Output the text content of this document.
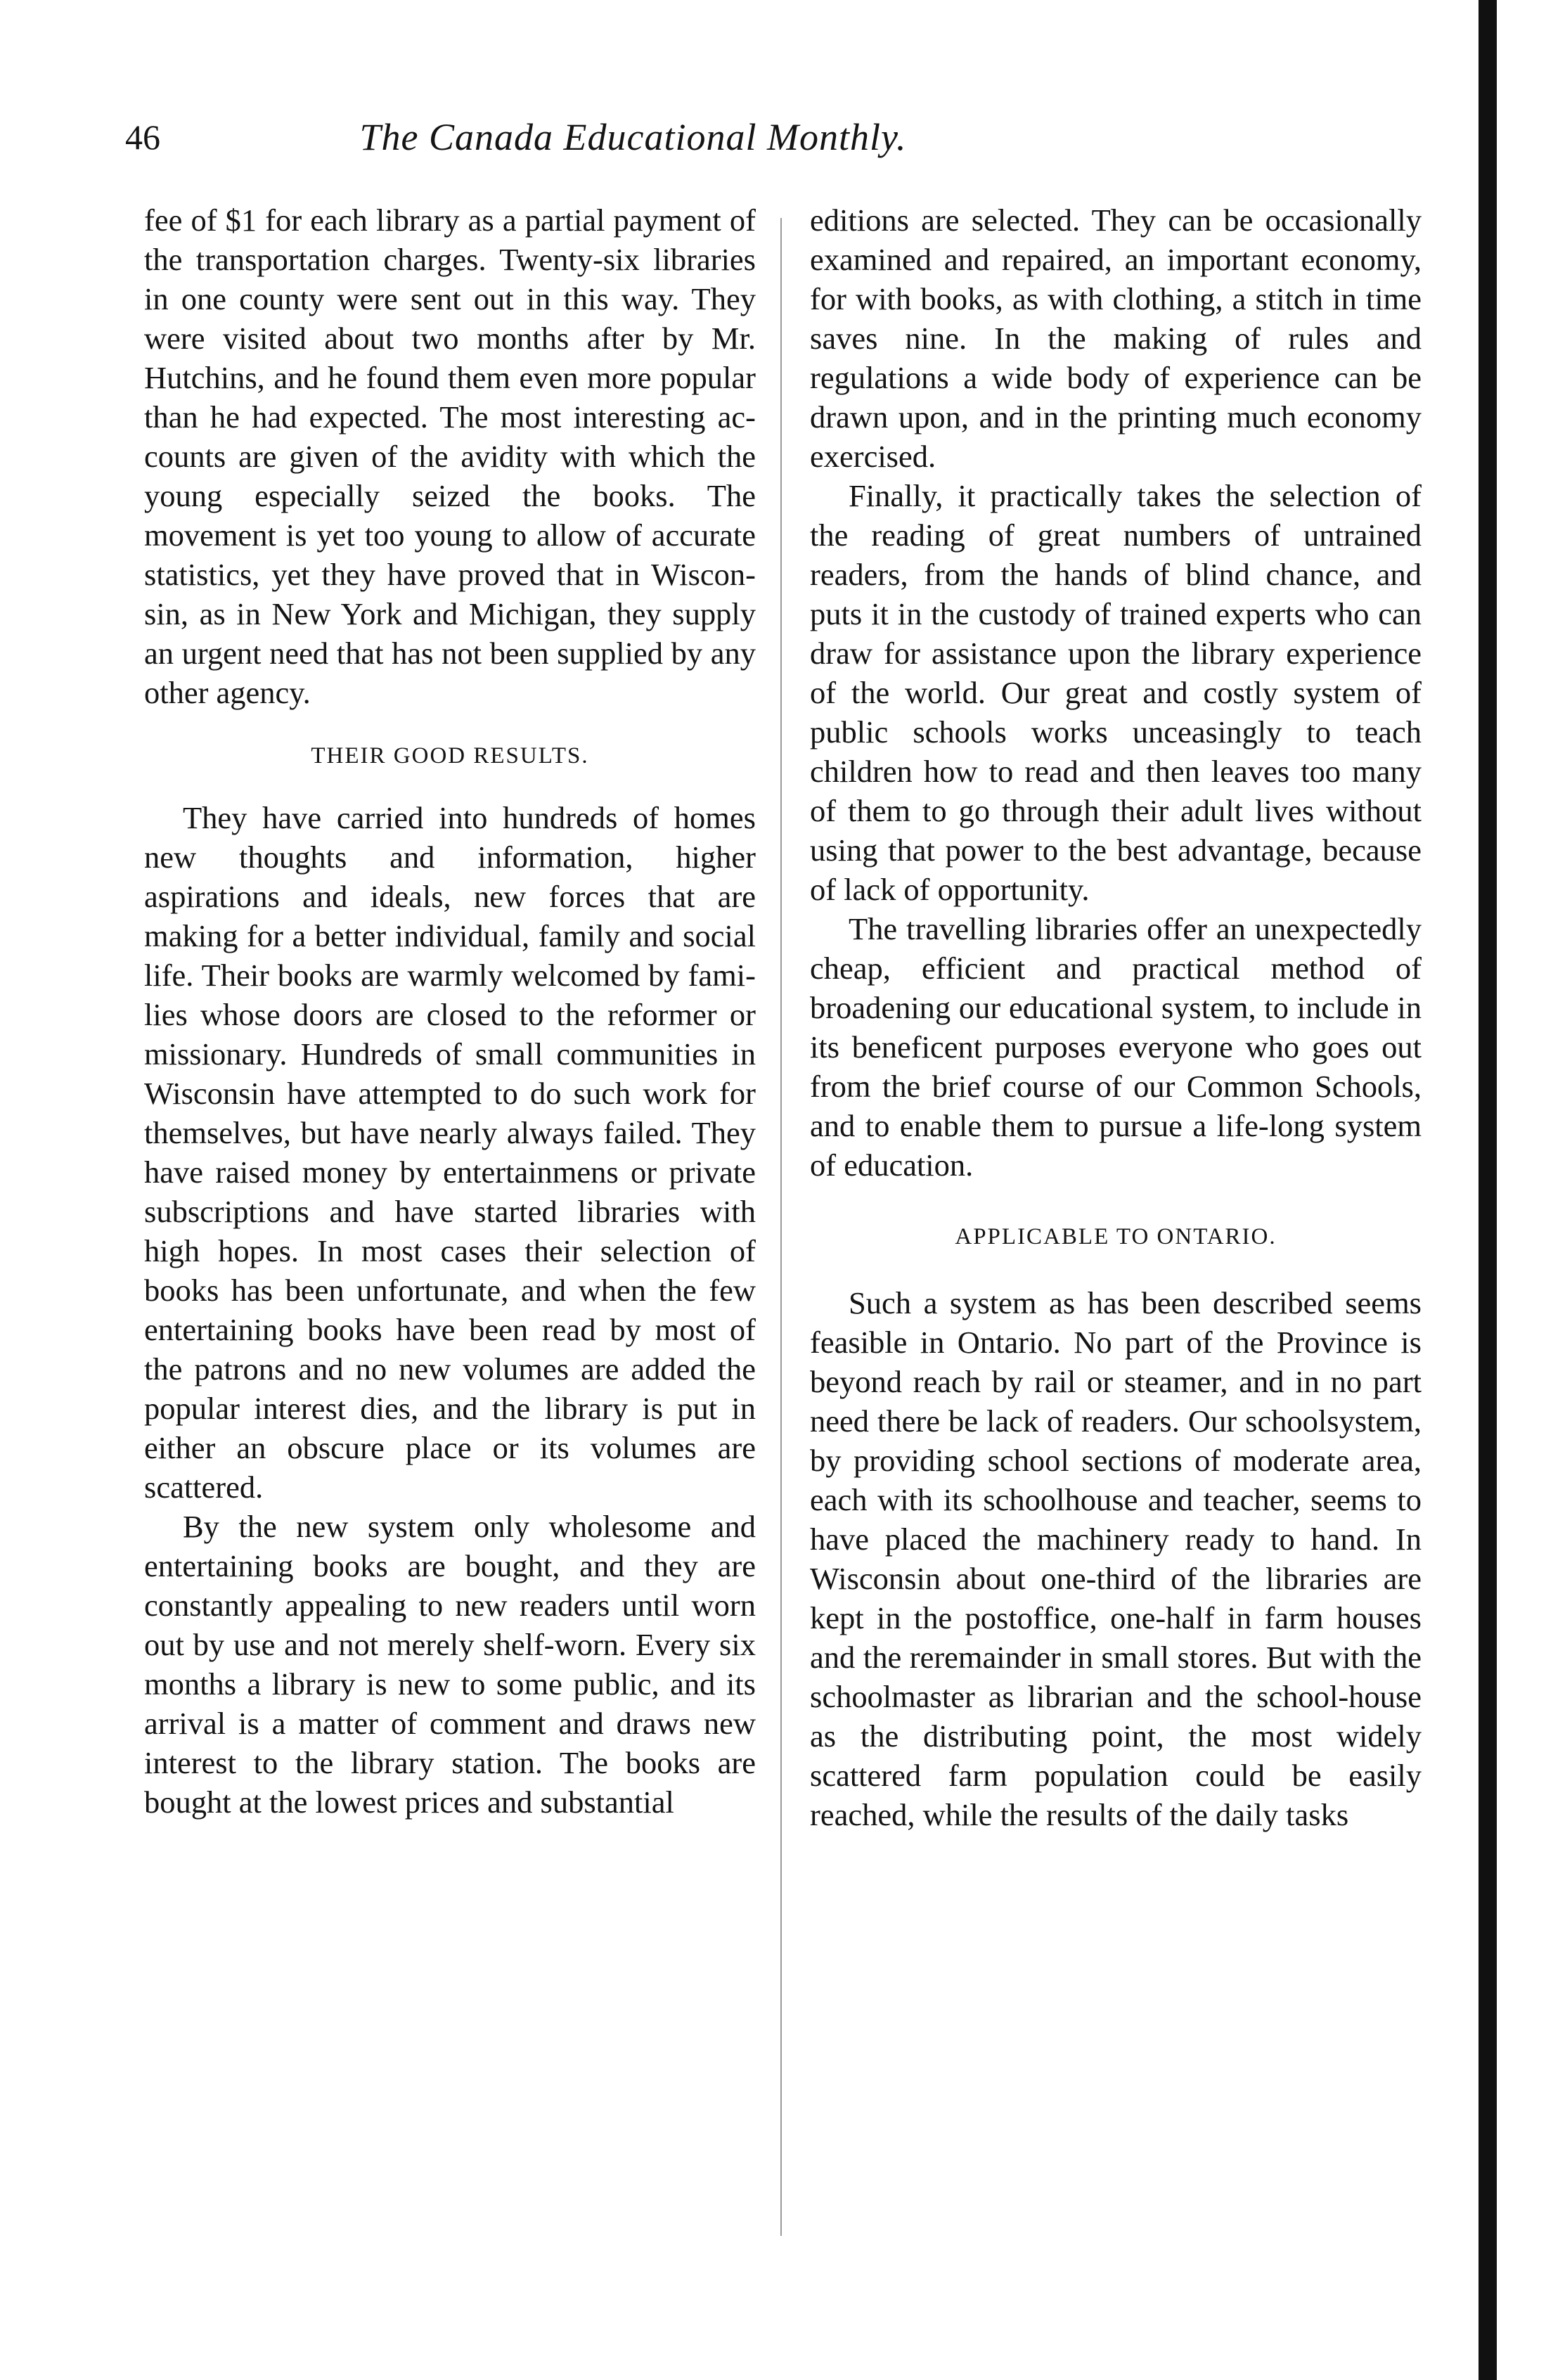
46	The Canada Educational Monthly.

fee of $1 for each library as a partial payment of the transportation charges. Twenty-six libraries in one county were sent out in this way. They were visited about two months after by Mr. Hutchins, and he found them even more popular than he had expected. The most interesting accounts are given of the avidity with which the young especially seized the books. The movement is yet too young to allow of accurate statistics, yet they have proved that in Wisconsin, as in New York and Michigan, they supply an urgent need that has not been supplied by any other agency.

THEIR GOOD RESULTS.

They have carried into hundreds of homes new thoughts and information, higher aspirations and ideals, new forces that are making for a better individual, family and social life. Their books are warmly welcomed by families whose doors are closed to the reformer or missionary. Hundreds of small communities in Wisconsin have attempted to do such work for themselves, but have nearly always failed. They have raised money by entertainmens or private subscriptions and have started libraries with high hopes. In most cases their selection of books has been unfortunate, and when the few entertaining books have been read by most of the patrons and no new volumes are added the popular interest dies, and the library is put in either an obscure place or its volumes are scattered.

By the new system only wholesome and entertaining books are bought, and they are constantly appealing to new readers until worn out by use and not merely shelf-worn. Every six months a library is new to some public, and its arrival is a matter of comment and draws new interest to the library station. The books are bought at the lowest prices and substantial

editions are selected. They can be occasionally examined and repaired, an important economy, for with books, as with clothing, a stitch in time saves nine. In the making of rules and regulations a wide body of experience can be drawn upon, and in the printing much economy exercised.

Finally, it practically takes the selection of the reading of great numbers of untrained readers, from the hands of blind chance, and puts it in the custody of trained experts who can draw for assistance upon the library experience of the world. Our great and costly system of public schools works unceasingly to teach children how to read and then leaves too many of them to go through their adult lives without using that power to the best advantage, because of lack of opportunity.

The travelling libraries offer an unexpectedly cheap, efficient and practical method of broadening our educational system, to include in its beneficent purposes everyone who goes out from the brief course of our Common Schools, and to enable them to pursue a life-long system of education.

APPLICABLE TO ONTARIO.

Such a system as has been described seems feasible in Ontario. No part of the Province is beyond reach by rail or steamer, and in no part need there be lack of readers. Our schoolsystem, by providing school sections of moderate area, each with its schoolhouse and teacher, seems to have placed the machinery ready to hand. In Wisconsin about one-third of the libraries are kept in the postoffice, one-half in farm houses and the reremainder in small stores. But with the schoolmaster as librarian and the school-house as the distributing point, the most widely scattered farm population could be easily reached, while the results of the daily tasks
